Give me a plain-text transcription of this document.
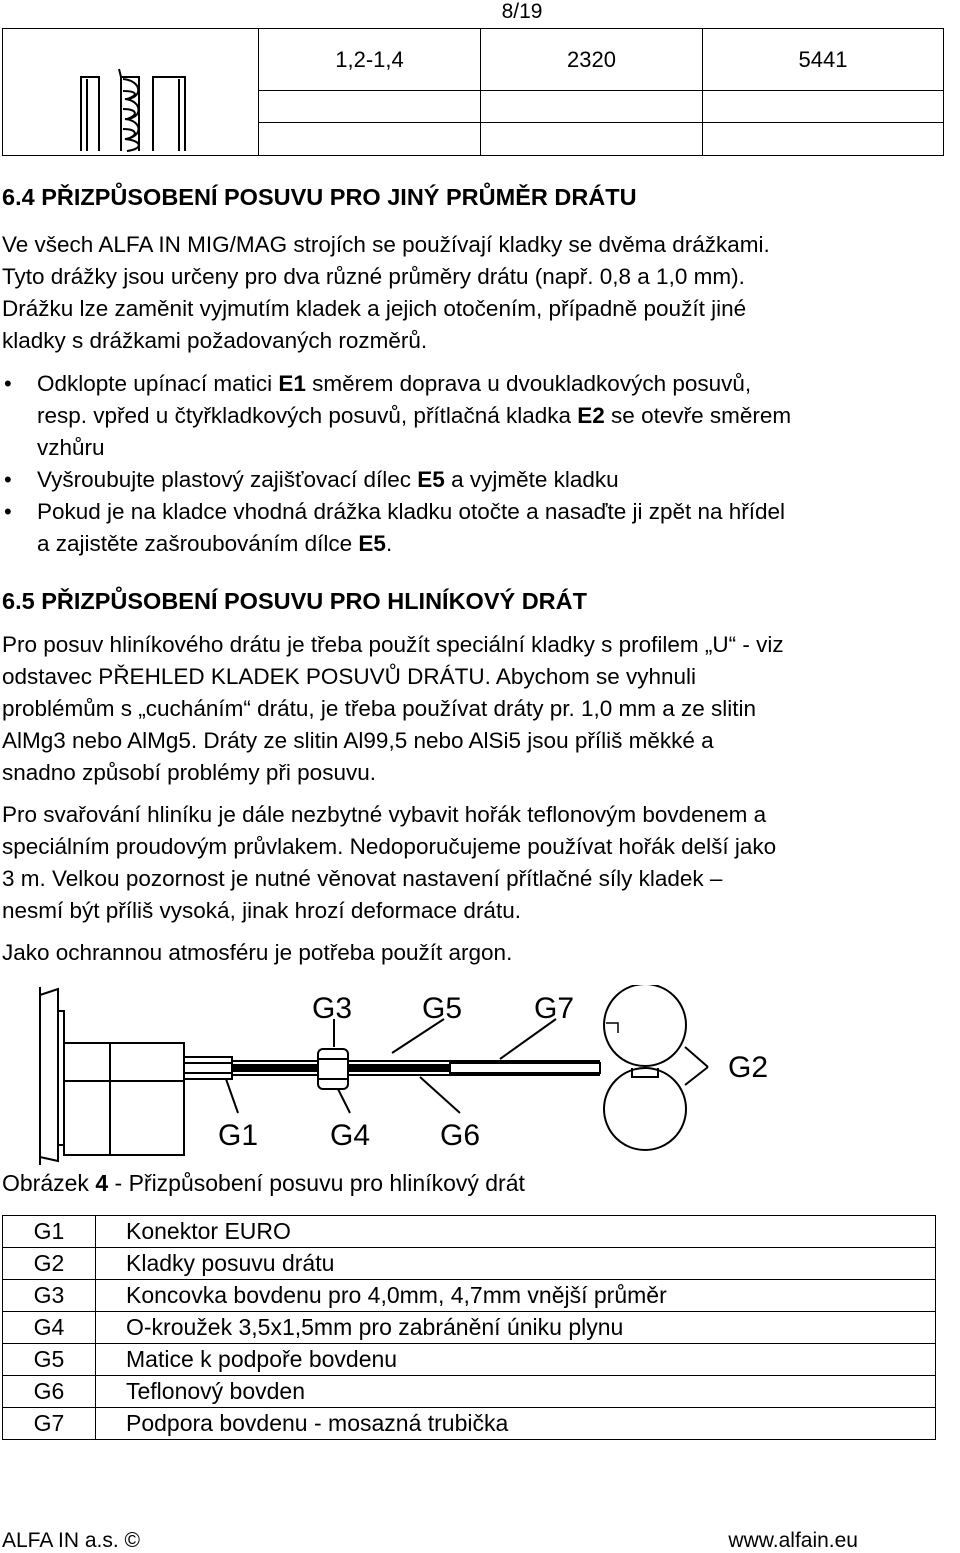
8/19
	1,2-1,4	2320	5441

6.4 PŘIZPŮSOBENÍ POSUVU PRO JINÝ PRŮMĚR DRÁTU
Ve všech ALFA IN MIG/MAG strojích se používají kladky se dvěma drážkami.
Tyto drážky jsou určeny pro dva různé průměry drátu (např. 0,8 a 1,0 mm).
Drážku lze zaměnit vyjmutím kladek a jejich otočením, případně použít jiné
kladky s drážkami požadovaných rozměrů.
• Odklopte upínací matici E1 směrem doprava u dvoukladkových posuvů,
resp. vpřed u čtyřkladkových posuvů, přítlačná kladka E2 se otevře směrem
vzhůru
• Vyšroubujte plastový zajišťovací dílec E5 a vyjměte kladku
• Pokud je na kladce vhodná drážka kladku otočte a nasaďte ji zpět na hřídel
a zajistěte zašroubováním dílce E5.
6.5 PŘIZPŮSOBENÍ POSUVU PRO HLINÍKOVÝ DRÁT
Pro posuv hliníkového drátu je třeba použít speciální kladky s profilem „U“ - viz
odstavec PŘEHLED KLADEK POSUVŮ DRÁTU. Abychom se vyhnuli
problémům s „cucháním“ drátu, je třeba používat dráty pr. 1,0 mm a ze slitin
AlMg3 nebo AlMg5. Dráty ze slitin Al99,5 nebo AlSi5 jsou příliš měkké a
snadno způsobí problémy při posuvu.
Pro svařování hliníku je dále nezbytné vybavit hořák teflonovým bovdenem a
speciálním proudovým průvlakem. Nedoporučujeme používat hořák delší jako
3 m. Velkou pozornost je nutné věnovat nastavení přítlačné síly kladek –
nesmí být příliš vysoká, jinak hrozí deformace drátu.
Jako ochrannou atmosféru je potřeba použít argon.
G3 G5 G7
G2
G1 G4 G6
Obrázek 4 - Přizpůsobení posuvu pro hliníkový drát
G1	Konektor EURO
G2	Kladky posuvu drátu
G3	Koncovka bovdenu pro 4,0mm, 4,7mm vnější průměr
G4	O-kroužek 3,5x1,5mm pro zabránění úniku plynu
G5	Matice k podpoře bovdenu
G6	Teflonový bovden
G7	Podpora bovdenu - mosazná trubička
ALFA IN a.s. ©	www.alfain.eu
